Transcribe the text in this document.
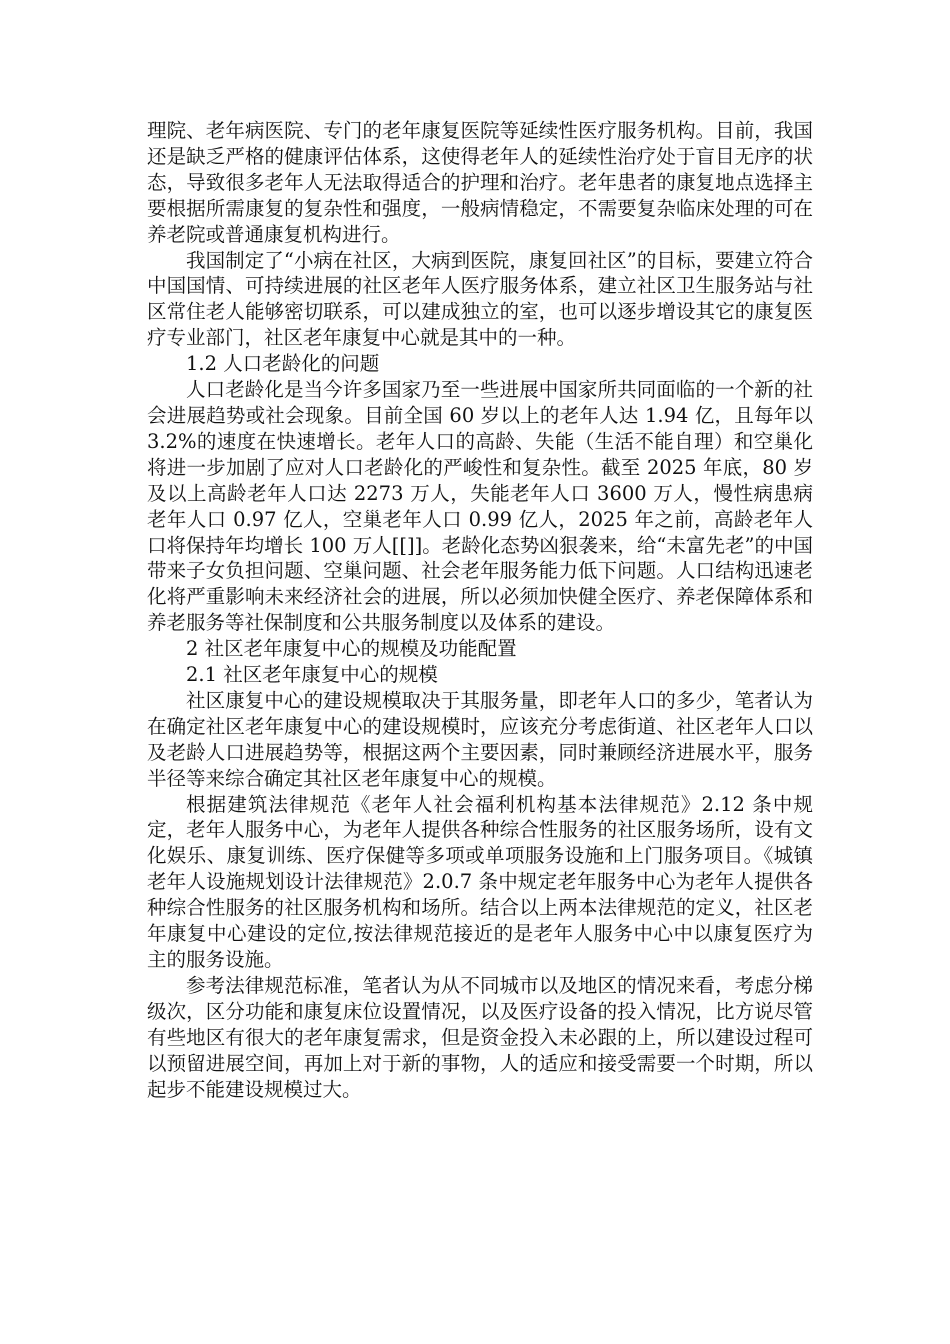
理院、老年病医院、专门的老年康复医院等延续性医疗服务机构。目前，我国还是缺乏严格的健康评估体系，这使得老年人的延续性治疗处于盲目无序的状态，导致很多老年人无法取得适合的护理和治疗。老年患者的康复地点选择主要根据所需康复的复杂性和强度，一般病情稳定，不需要复杂临床处理的可在养老院或普通康复机构进行。

我国制定了“小病在社区，大病到医院，康复回社区”的目标，要建立符合中国国情、可持续进展的社区老年人医疗服务体系，建立社区卫生服务站与社区常住老人能够密切联系，可以建成独立的室，也可以逐步增设其它的康复医疗专业部门，社区老年康复中心就是其中的一种。

1.2 人口老龄化的问题

人口老龄化是当今许多国家乃至一些进展中国家所共同面临的一个新的社会进展趋势或社会现象。目前全国 60 岁以上的老年人达 1.94 亿，且每年以 3.2%的速度在快速增长。老年人口的高龄、失能（生活不能自理）和空巢化将进一步加剧了应对人口老龄化的严峻性和复杂性。截至 2025 年底，80 岁及以上高龄老年人口达 2273 万人，失能老年人口 3600 万人，慢性病患病老年人口 0.97 亿人，空巢老年人口 0.99 亿人，2025 年之前，高龄老年人口将保持年均增长 100 万人[[]]。老龄化态势凶狠袭来，给“未富先老”的中国带来子女负担问题、空巢问题、社会老年服务能力低下问题。人口结构迅速老化将严重影响未来经济社会的进展，所以必须加快健全医疗、养老保障体系和养老服务等社保制度和公共服务制度以及体系的建设。

2 社区老年康复中心的规模及功能配置

2.1 社区老年康复中心的规模

社区康复中心的建设规模取决于其服务量，即老年人口的多少，笔者认为在确定社区老年康复中心的建设规模时，应该充分考虑街道、社区老年人口以及老龄人口进展趋势等，根据这两个主要因素，同时兼顾经济进展水平，服务半径等来综合确定其社区老年康复中心的规模。

根据建筑法律规范《老年人社会福利机构基本法律规范》2.12 条中规定，老年人服务中心，为老年人提供各种综合性服务的社区服务场所，设有文化娱乐、康复训练、医疗保健等多项或单项服务设施和上门服务项目。《城镇老年人设施规划设计法律规范》2.0.7 条中规定老年服务中心为老年人提供各种综合性服务的社区服务机构和场所。结合以上两本法律规范的定义，社区老年康复中心建设的定位,按法律规范接近的是老年人服务中心中以康复医疗为主的服务设施。

参考法律规范标准，笔者认为从不同城市以及地区的情况来看，考虑分梯级次，区分功能和康复床位设置情况，以及医疗设备的投入情况，比方说尽管有些地区有很大的老年康复需求，但是资金投入未必跟的上，所以建设过程可以预留进展空间，再加上对于新的事物，人的适应和接受需要一个时期，所以起步不能建设规模过大。
